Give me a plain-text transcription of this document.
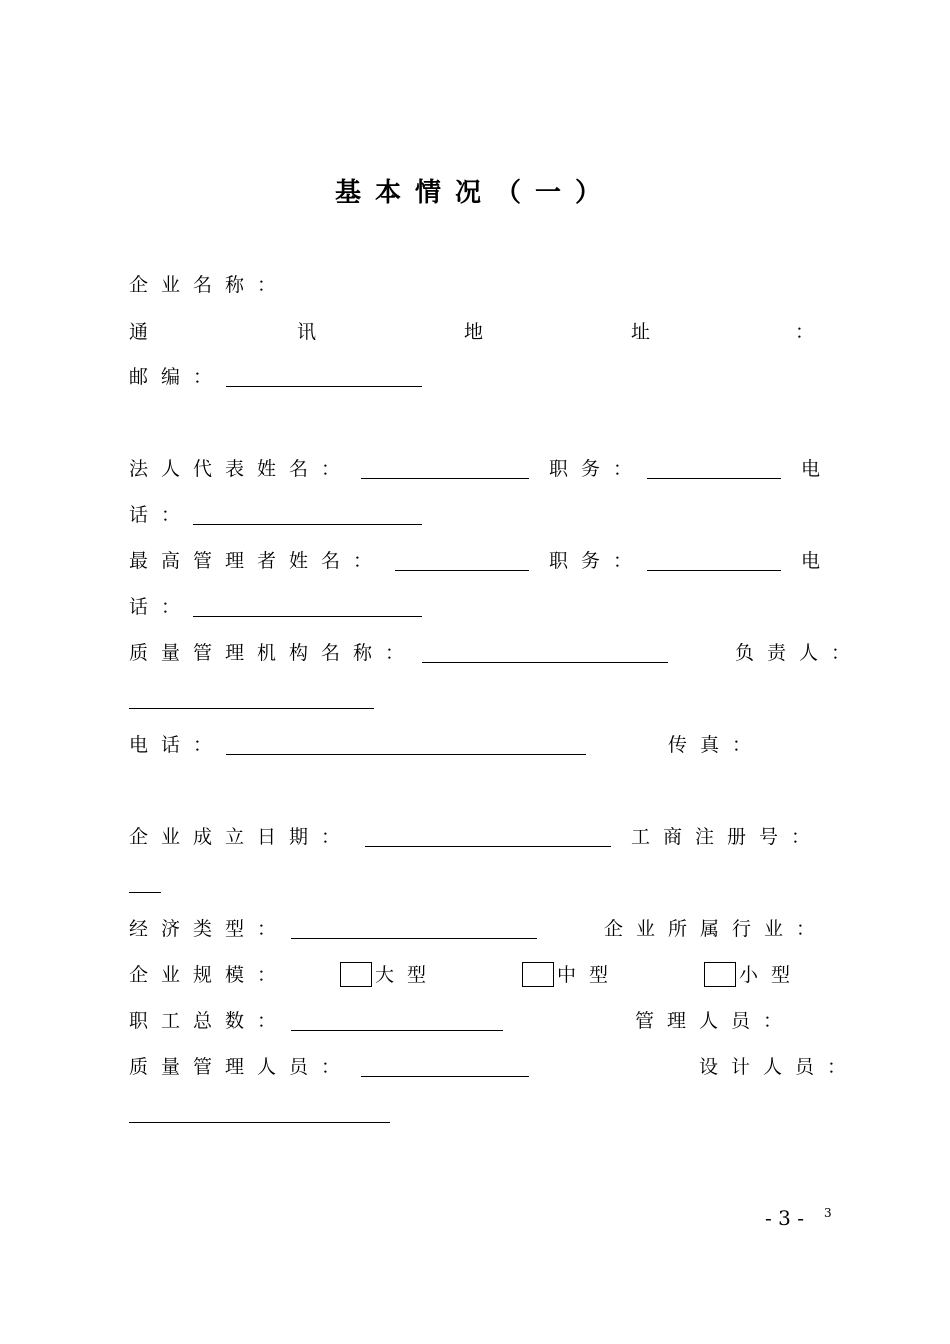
基本情况（一）
企业名称：
通	讯	地	址	：
邮编：
法人代表姓名：	职务：	电
话：
最高管理者姓名：	职务：	电
话：
质量管理机构名称：	负责人：
电话：	传真：
企业成立日期：	工商注册号：
经济类型：	企业所属行业：
企业规模：	大型	中型	小型
职工总数：	管理人员：
质量管理人员：	设计人员：
- 3 - 3
